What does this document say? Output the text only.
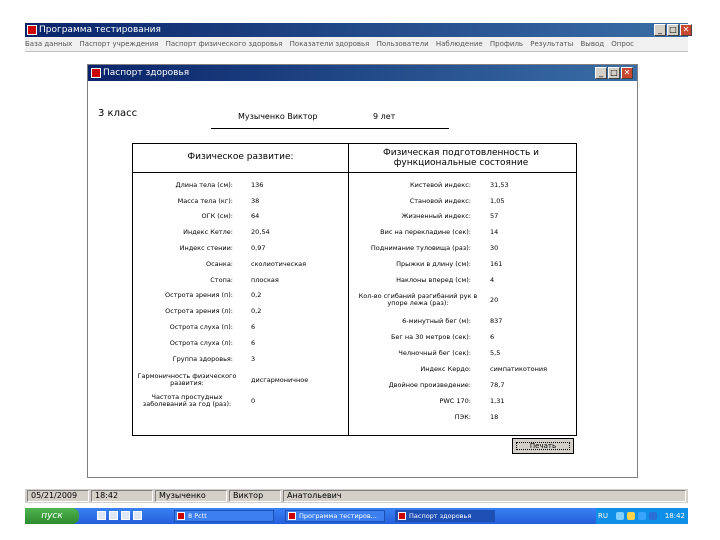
Программа тестирования	_ □ ✕
База данных Паспорт учреждения Паспорт физического здоровья Показатели здоровья Пользователи Наблюдение Профиль Результаты Вывод Опрос
Паспорт здоровья	_ □ ✕
3 класс	Музыченко Виктор	9 лет
Физическое развитие:	Физическая подготовленность и функциональные состояние
Длина тела (см):	136
Масса тела (кг):	38
ОГК (см):	64
Индекс Кетле:	20,54
Индекс стении:	0,97
Осанка:	сколиотическая
Стопа:	плоская
Острота зрения (п):	0,2
Острота зрения (л):	0,2
Острота слуха (п):	6
Острота слуха (л):	6
Группа здоровья:	3
Гармоничность физического развития:	дисгармоничное
Частота простудных заболеваний за год (раз):	0
Кистевой индекс:	31,53
Становой индекс:	1,05
Жизненный индекс:	57
Вис на перекладине (сек):	14
Поднимание туловища (раз):	30
Прыжки в длину (см):	161
Наклоны вперед (см):	4
Кол-во сгибаний разгибаний рук в упоре лежа (раз):	20
6-минутный бег (м):	837
Бег на 30 метров (сек):	6
Челночный бег (сек):	5,5
Индекс Кердо:	симпатикотония
Двойное произведение:	78,7
PWC 170:	1,31
ПЭК:	18
Печать
05/21/2009	18:42	Музыченко	Виктор	Анатольевич
пуск	8 Pctt	Программа тестиров...	Паспорт здоровья	RU	18:42
